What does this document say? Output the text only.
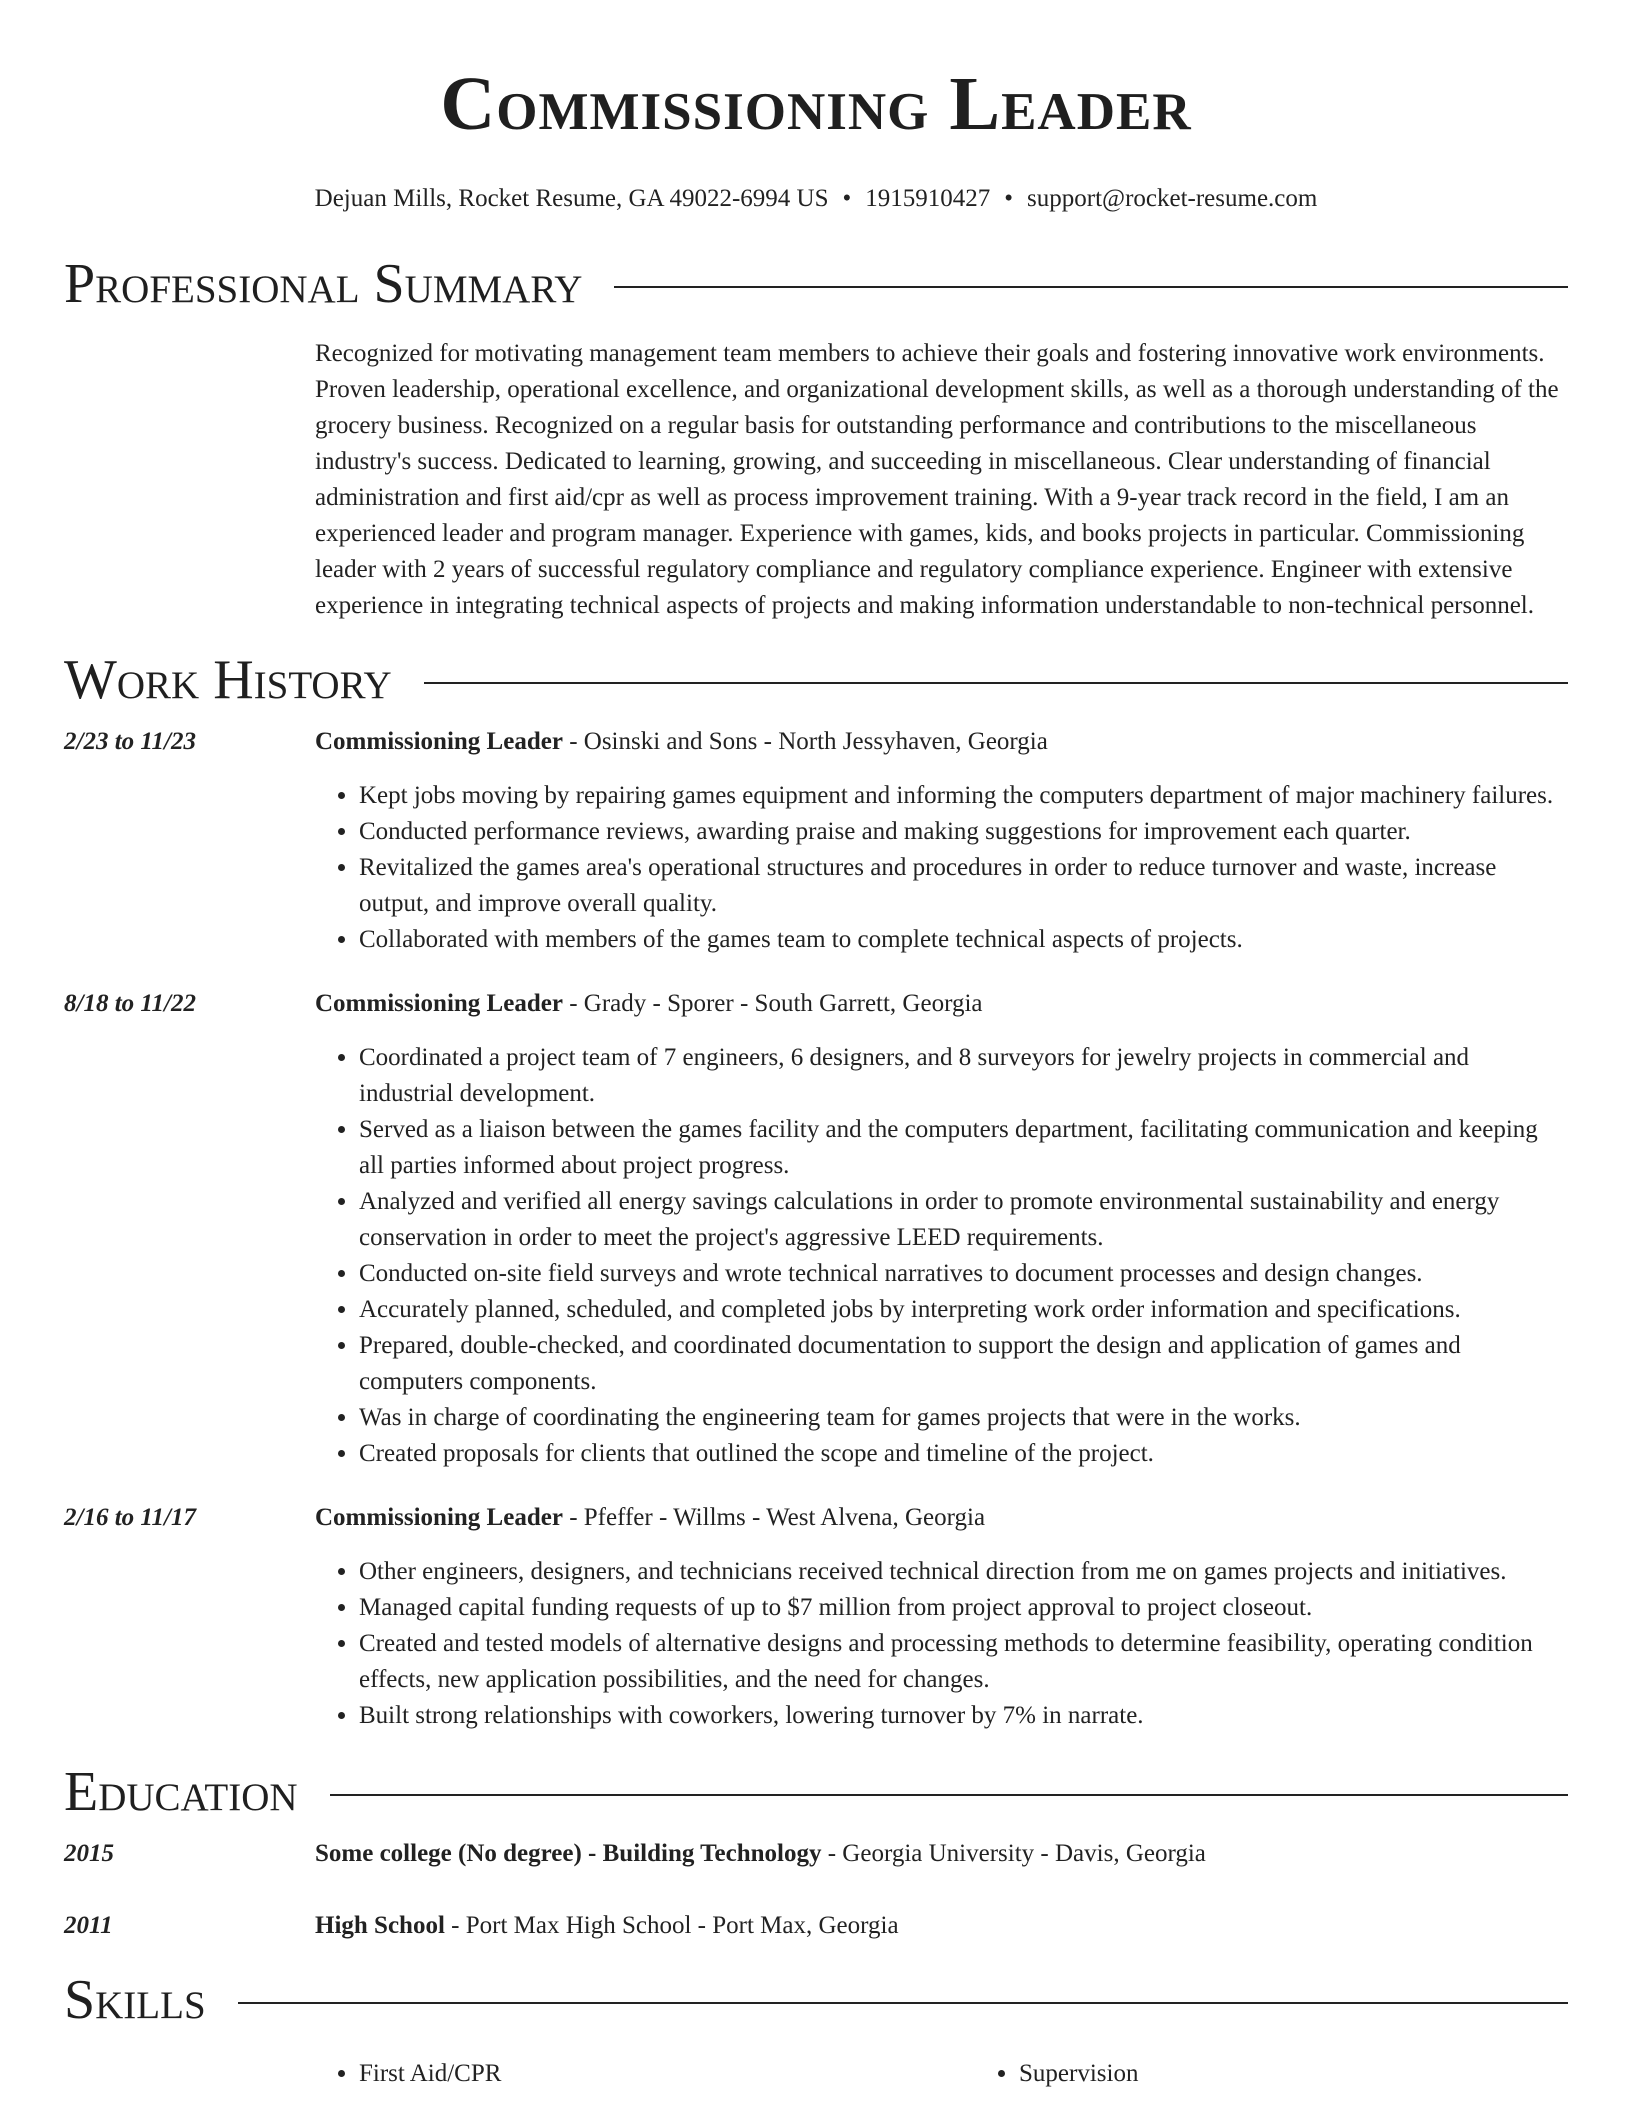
Commissioning Leader
Dejuan Mills, Rocket Resume, GA 49022-6994 US • 1915910427 • support@rocket-resume.com
Professional Summary
Recognized for motivating management team members to achieve their goals and fostering innovative work environments. Proven leadership, operational excellence, and organizational development skills, as well as a thorough understanding of the grocery business. Recognized on a regular basis for outstanding performance and contributions to the miscellaneous industry's success. Dedicated to learning, growing, and succeeding in miscellaneous. Clear understanding of financial administration and first aid/cpr as well as process improvement training. With a 9-year track record in the field, I am an experienced leader and program manager. Experience with games, kids, and books projects in particular. Commissioning leader with 2 years of successful regulatory compliance and regulatory compliance experience. Engineer with extensive experience in integrating technical aspects of projects and making information understandable to non-technical personnel.
Work History
2/23 to 11/23	Commissioning Leader - Osinski and Sons - North Jessyhaven, Georgia
• Kept jobs moving by repairing games equipment and informing the computers department of major machinery failures.
• Conducted performance reviews, awarding praise and making suggestions for improvement each quarter.
• Revitalized the games area's operational structures and procedures in order to reduce turnover and waste, increase output, and improve overall quality.
• Collaborated with members of the games team to complete technical aspects of projects.
8/18 to 11/22	Commissioning Leader - Grady - Sporer - South Garrett, Georgia
• Coordinated a project team of 7 engineers, 6 designers, and 8 surveyors for jewelry projects in commercial and industrial development.
• Served as a liaison between the games facility and the computers department, facilitating communication and keeping all parties informed about project progress.
• Analyzed and verified all energy savings calculations in order to promote environmental sustainability and energy conservation in order to meet the project's aggressive LEED requirements.
• Conducted on-site field surveys and wrote technical narratives to document processes and design changes.
• Accurately planned, scheduled, and completed jobs by interpreting work order information and specifications.
• Prepared, double-checked, and coordinated documentation to support the design and application of games and computers components.
• Was in charge of coordinating the engineering team for games projects that were in the works.
• Created proposals for clients that outlined the scope and timeline of the project.
2/16 to 11/17	Commissioning Leader - Pfeffer - Willms - West Alvena, Georgia
• Other engineers, designers, and technicians received technical direction from me on games projects and initiatives.
• Managed capital funding requests of up to $7 million from project approval to project closeout.
• Created and tested models of alternative designs and processing methods to determine feasibility, operating condition effects, new application possibilities, and the need for changes.
• Built strong relationships with coworkers, lowering turnover by 7% in narrate.
Education
2015	Some college (No degree) - Building Technology - Georgia University - Davis, Georgia
2011	High School - Port Max High School - Port Max, Georgia
Skills
• First Aid/CPR
•	Supervision
